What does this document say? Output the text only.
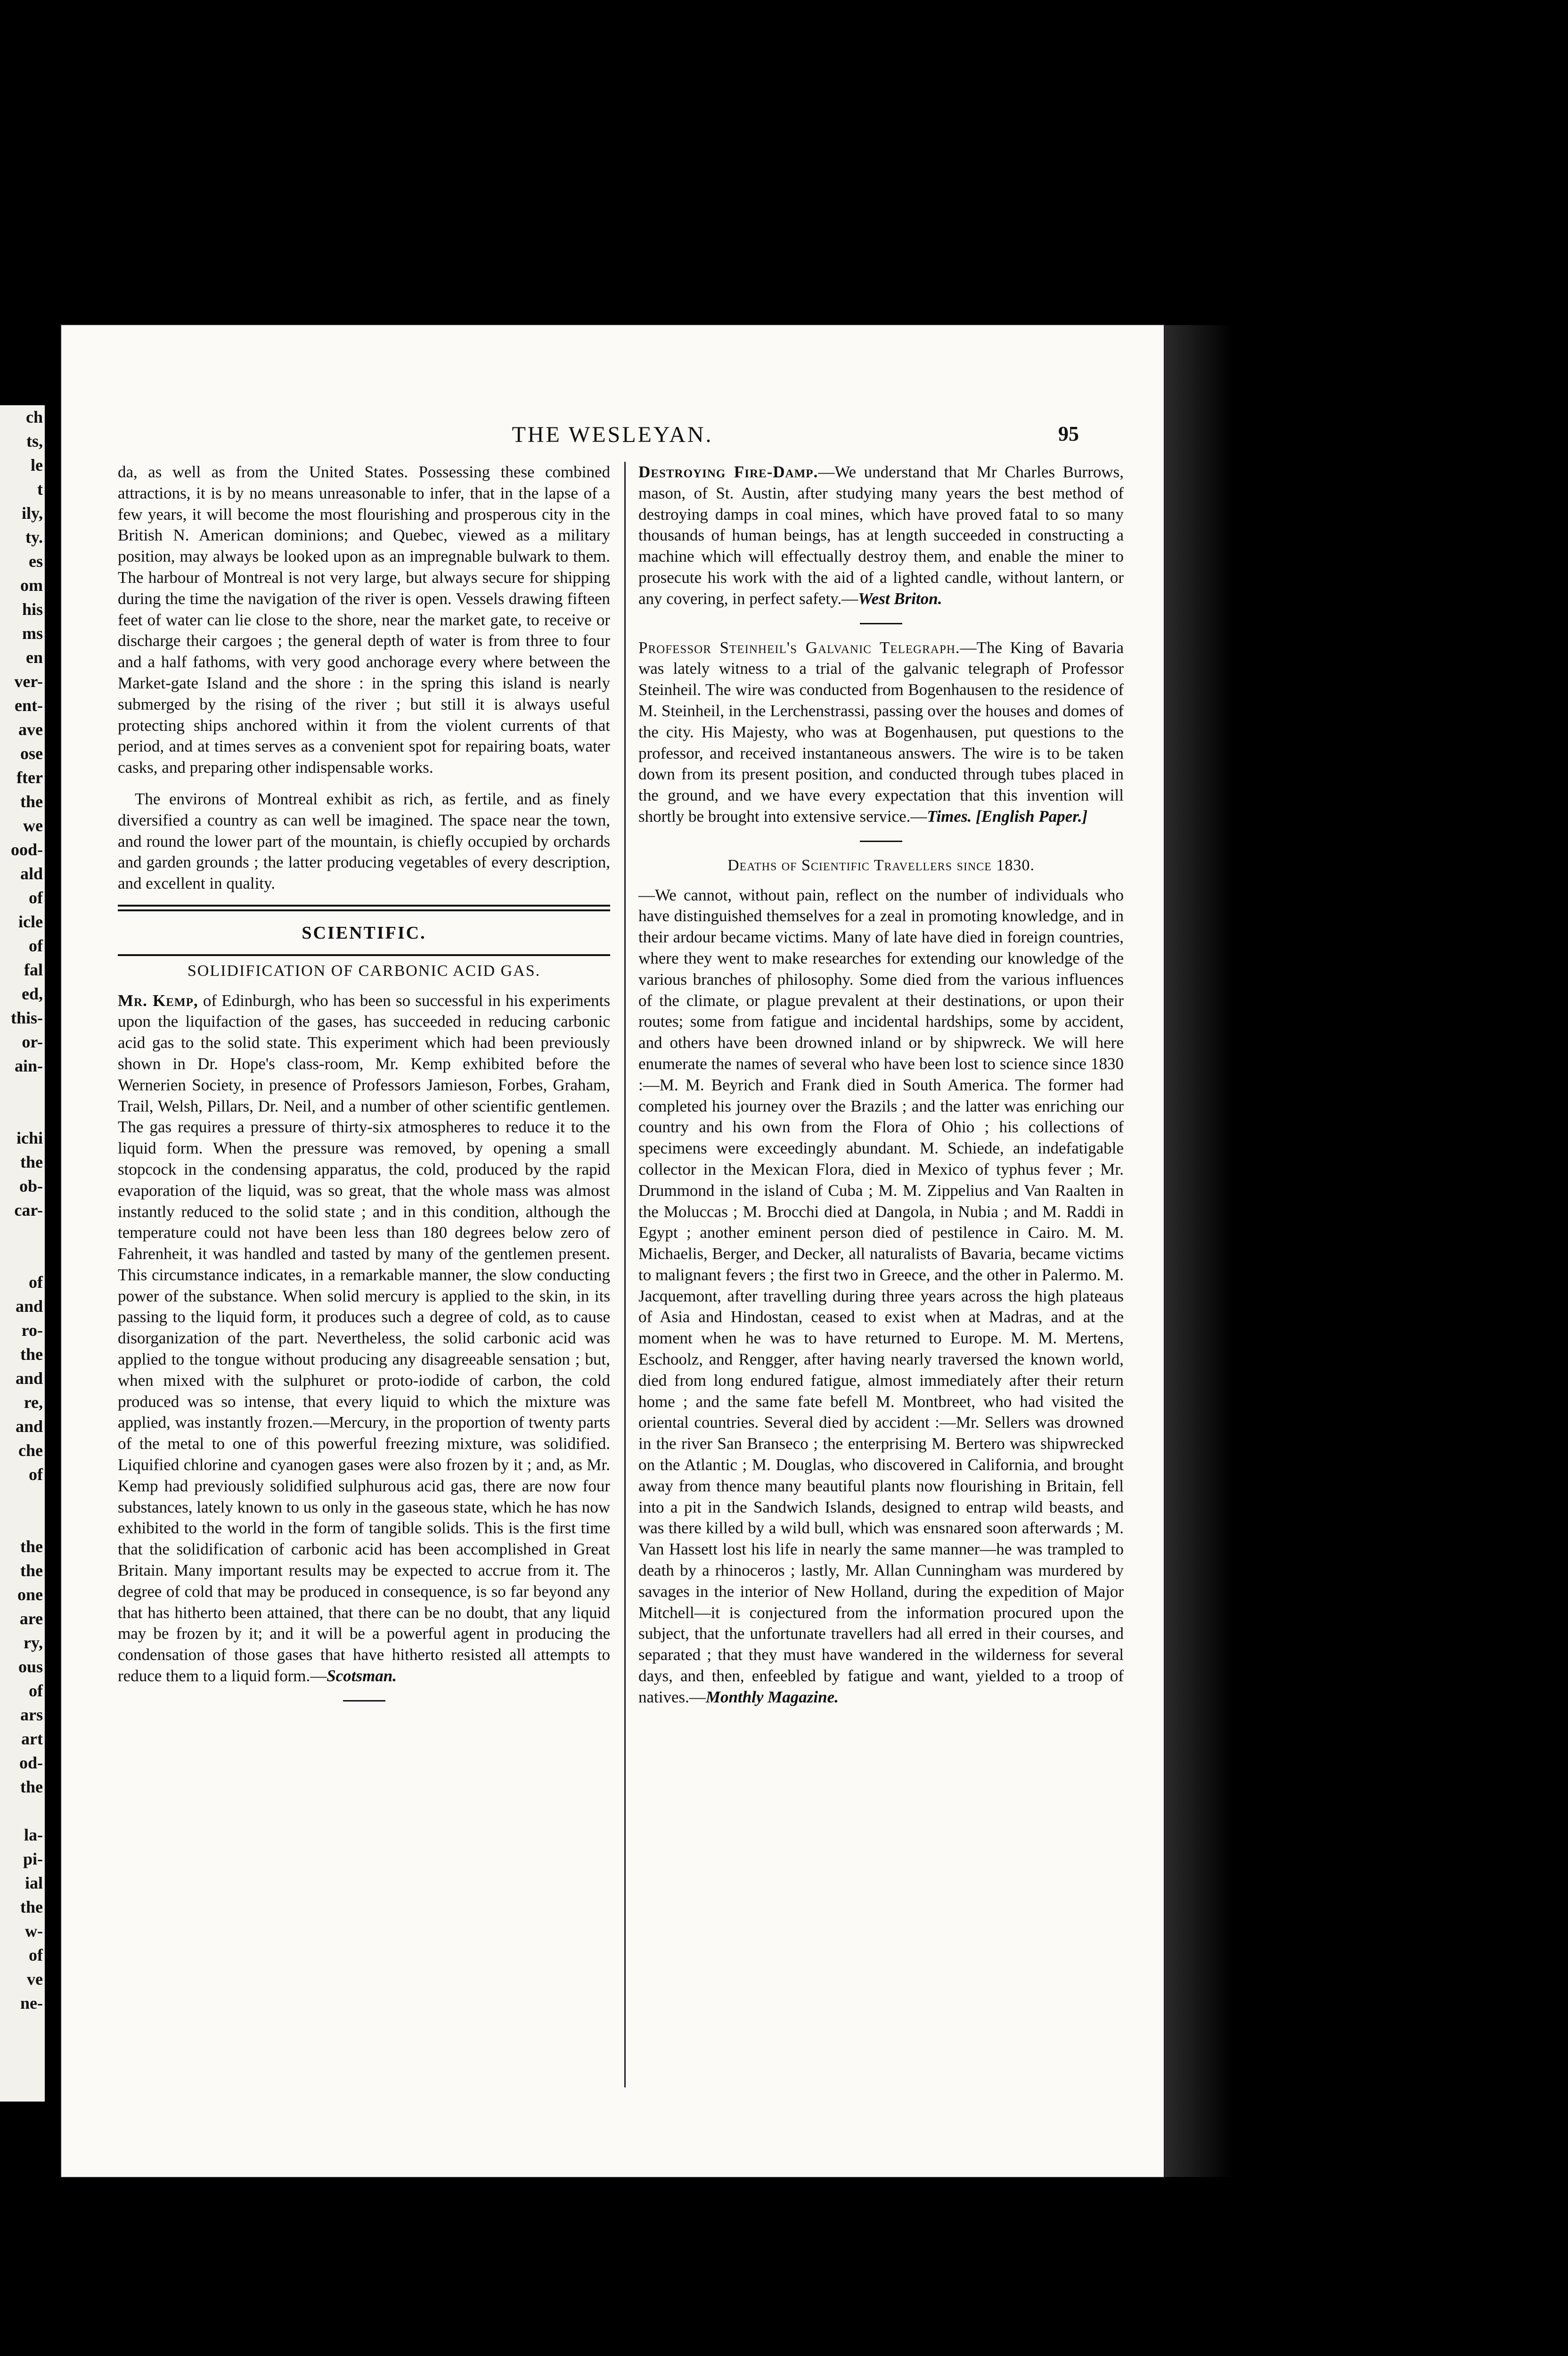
ch
ts,
le
t
ily,
ty.
es
om
his
ms
en
ver-
ent-
ave
ose
fter
the
we
ood-
ald
of
icle
of
fal
ed,
this-
or-
ain-

ichi
the
ob-
car-

of
and
ro-
the
and
re,
and
che
of

the
the
one
are
ry,
ous
of
ars
art
od-
the

la-
pi-
ial
the
w-
of
ve
ne-
THE WESLEYAN.	95

da, as well as from the United States. Possessing these combined attractions, it is by no means unreasonable to infer, that in the lapse of a few years, it will become the most flourishing and prosperous city in the British N. American dominions; and Quebec, viewed as a military position, may always be looked upon as an impregnable bulwark to them. The harbour of Montreal is not very large, but always secure for shipping during the time the navigation of the river is open. Vessels drawing fifteen feet of water can lie close to the shore, near the market gate, to receive or discharge their cargoes ; the general depth of water is from three to four and a half fathoms, with very good anchorage every where between the Market-gate Island and the shore : in the spring this island is nearly submerged by the rising of the river ; but still it is always useful protecting ships anchored within it from the violent currents of that period, and at times serves as a convenient spot for repairing boats, water casks, and preparing other indispensable works.

The environs of Montreal exhibit as rich, as fertile, and as finely diversified a country as can well be imagined. The space near the town, and round the lower part of the mountain, is chiefly occupied by orchards and garden grounds ; the latter producing vegetables of every description, and excellent in quality.

SCIENTIFIC.
SOLIDIFICATION OF CARBONIC ACID GAS.

Mr. Kemp, of Edinburgh, who has been so successful in his experiments upon the liquifaction of the gases, has succeeded in reducing carbonic acid gas to the solid state. This experiment which had been previously shown in Dr. Hope's class-room, Mr. Kemp exhibited before the Wernerien Society, in presence of Professors Jamieson, Forbes, Graham, Trail, Welsh, Pillars, Dr. Neil, and a number of other scientific gentlemen. The gas requires a pressure of thirty-six atmospheres to reduce it to the liquid form. When the pressure was removed, by opening a small stopcock in the condensing apparatus, the cold, produced by the rapid evaporation of the liquid, was so great, that the whole mass was almost instantly reduced to the solid state ; and in this condition, although the temperature could not have been less than 180 degrees below zero of Fahrenheit, it was handled and tasted by many of the gentlemen present. This circumstance indicates, in a remarkable manner, the slow conducting power of the substance. When solid mercury is applied to the skin, in its passing to the liquid form, it produces such a degree of cold, as to cause disorganization of the part. Nevertheless, the solid carbonic acid was applied to the tongue without producing any disagreeable sensation ; but, when mixed with the sulphuret or proto-iodide of carbon, the cold produced was so intense, that every liquid to which the mixture was applied, was instantly frozen.—Mercury, in the proportion of twenty parts of the metal to one of this powerful freezing mixture, was solidified. Liquified chlorine and cyanogen gases were also frozen by it ; and, as Mr. Kemp had previously solidified sulphurous acid gas, there are now four substances, lately known to us only in the gaseous state, which he has now exhibited to the world in the form of tangible solids. This is the first time that the solidification of carbonic acid has been accomplished in Great Britain. Many important results may be expected to accrue from it. The degree of cold that may be produced in consequence, is so far beyond any that has hitherto been attained, that there can be no doubt, that any liquid may be frozen by it; and it will be a powerful agent in producing the condensation of those gases that have hitherto resisted all attempts to reduce them to a liquid form.—Scotsman.

Destroying Fire-Damp.—We understand that Mr Charles Burrows, mason, of St. Austin, after studying many years the best method of destroying damps in coal mines, which have proved fatal to so many thousands of human beings, has at length succeeded in constructing a machine which will effectually destroy them, and enable the miner to prosecute his work with the aid of a lighted candle, without lantern, or any covering, in perfect safety.—West Briton.

Professor Steinheil's Galvanic Telegraph.—The King of Bavaria was lately witness to a trial of the galvanic telegraph of Professor Steinheil. The wire was conducted from Bogenhausen to the residence of M. Steinheil, in the Lerchenstrassi, passing over the houses and domes of the city. His Majesty, who was at Bogenhausen, put questions to the professor, and received instantaneous answers. The wire is to be taken down from its present position, and conducted through tubes placed in the ground, and we have every expectation that this invention will shortly be brought into extensive service.—Times. [English Paper.]

Deaths of Scientific Travellers since 1830.

—We cannot, without pain, reflect on the number of individuals who have distinguished themselves for a zeal in promoting knowledge, and in their ardour became victims. Many of late have died in foreign countries, where they went to make researches for extending our knowledge of the various branches of philosophy. Some died from the various influences of the climate, or plague prevalent at their destinations, or upon their routes; some from fatigue and incidental hardships, some by accident, and others have been drowned inland or by shipwreck. We will here enumerate the names of several who have been lost to science since 1830 :—M. M. Beyrich and Frank died in South America. The former had completed his journey over the Brazils ; and the latter was enriching our country and his own from the Flora of Ohio ; his collections of specimens were exceedingly abundant. M. Schiede, an indefatigable collector in the Mexican Flora, died in Mexico of typhus fever ; Mr. Drummond in the island of Cuba ; M. M. Zippelius and Van Raalten in the Moluccas ; M. Brocchi died at Dangola, in Nubia ; and M. Raddi in Egypt ; another eminent person died of pestilence in Cairo. M. M. Michaelis, Berger, and Decker, all naturalists of Bavaria, became victims to malignant fevers ; the first two in Greece, and the other in Palermo. M. Jacquemont, after travelling during three years across the high plateaus of Asia and Hindostan, ceased to exist when at Madras, and at the moment when he was to have returned to Europe. M. M. Mertens, Eschoolz, and Rengger, after having nearly traversed the known world, died from long endured fatigue, almost immediately after their return home ; and the same fate befell M. Montbreet, who had visited the oriental countries. Several died by accident :—Mr. Sellers was drowned in the river San Branseco ; the enterprising M. Bertero was shipwrecked on the Atlantic ; M. Douglas, who discovered in California, and brought away from thence many beautiful plants now flourishing in Britain, fell into a pit in the Sandwich Islands, designed to entrap wild beasts, and was there killed by a wild bull, which was ensnared soon afterwards ; M. Van Hassett lost his life in nearly the same manner—he was trampled to death by a rhinoceros ; lastly, Mr. Allan Cunningham was murdered by savages in the interior of New Holland, during the expedition of Major Mitchell—it is conjectured from the information procured upon the subject, that the unfortunate travellers had all erred in their courses, and separated ; that they must have wandered in the wilderness for several days, and then, enfeebled by fatigue and want, yielded to a troop of natives.—Monthly Magazine.
